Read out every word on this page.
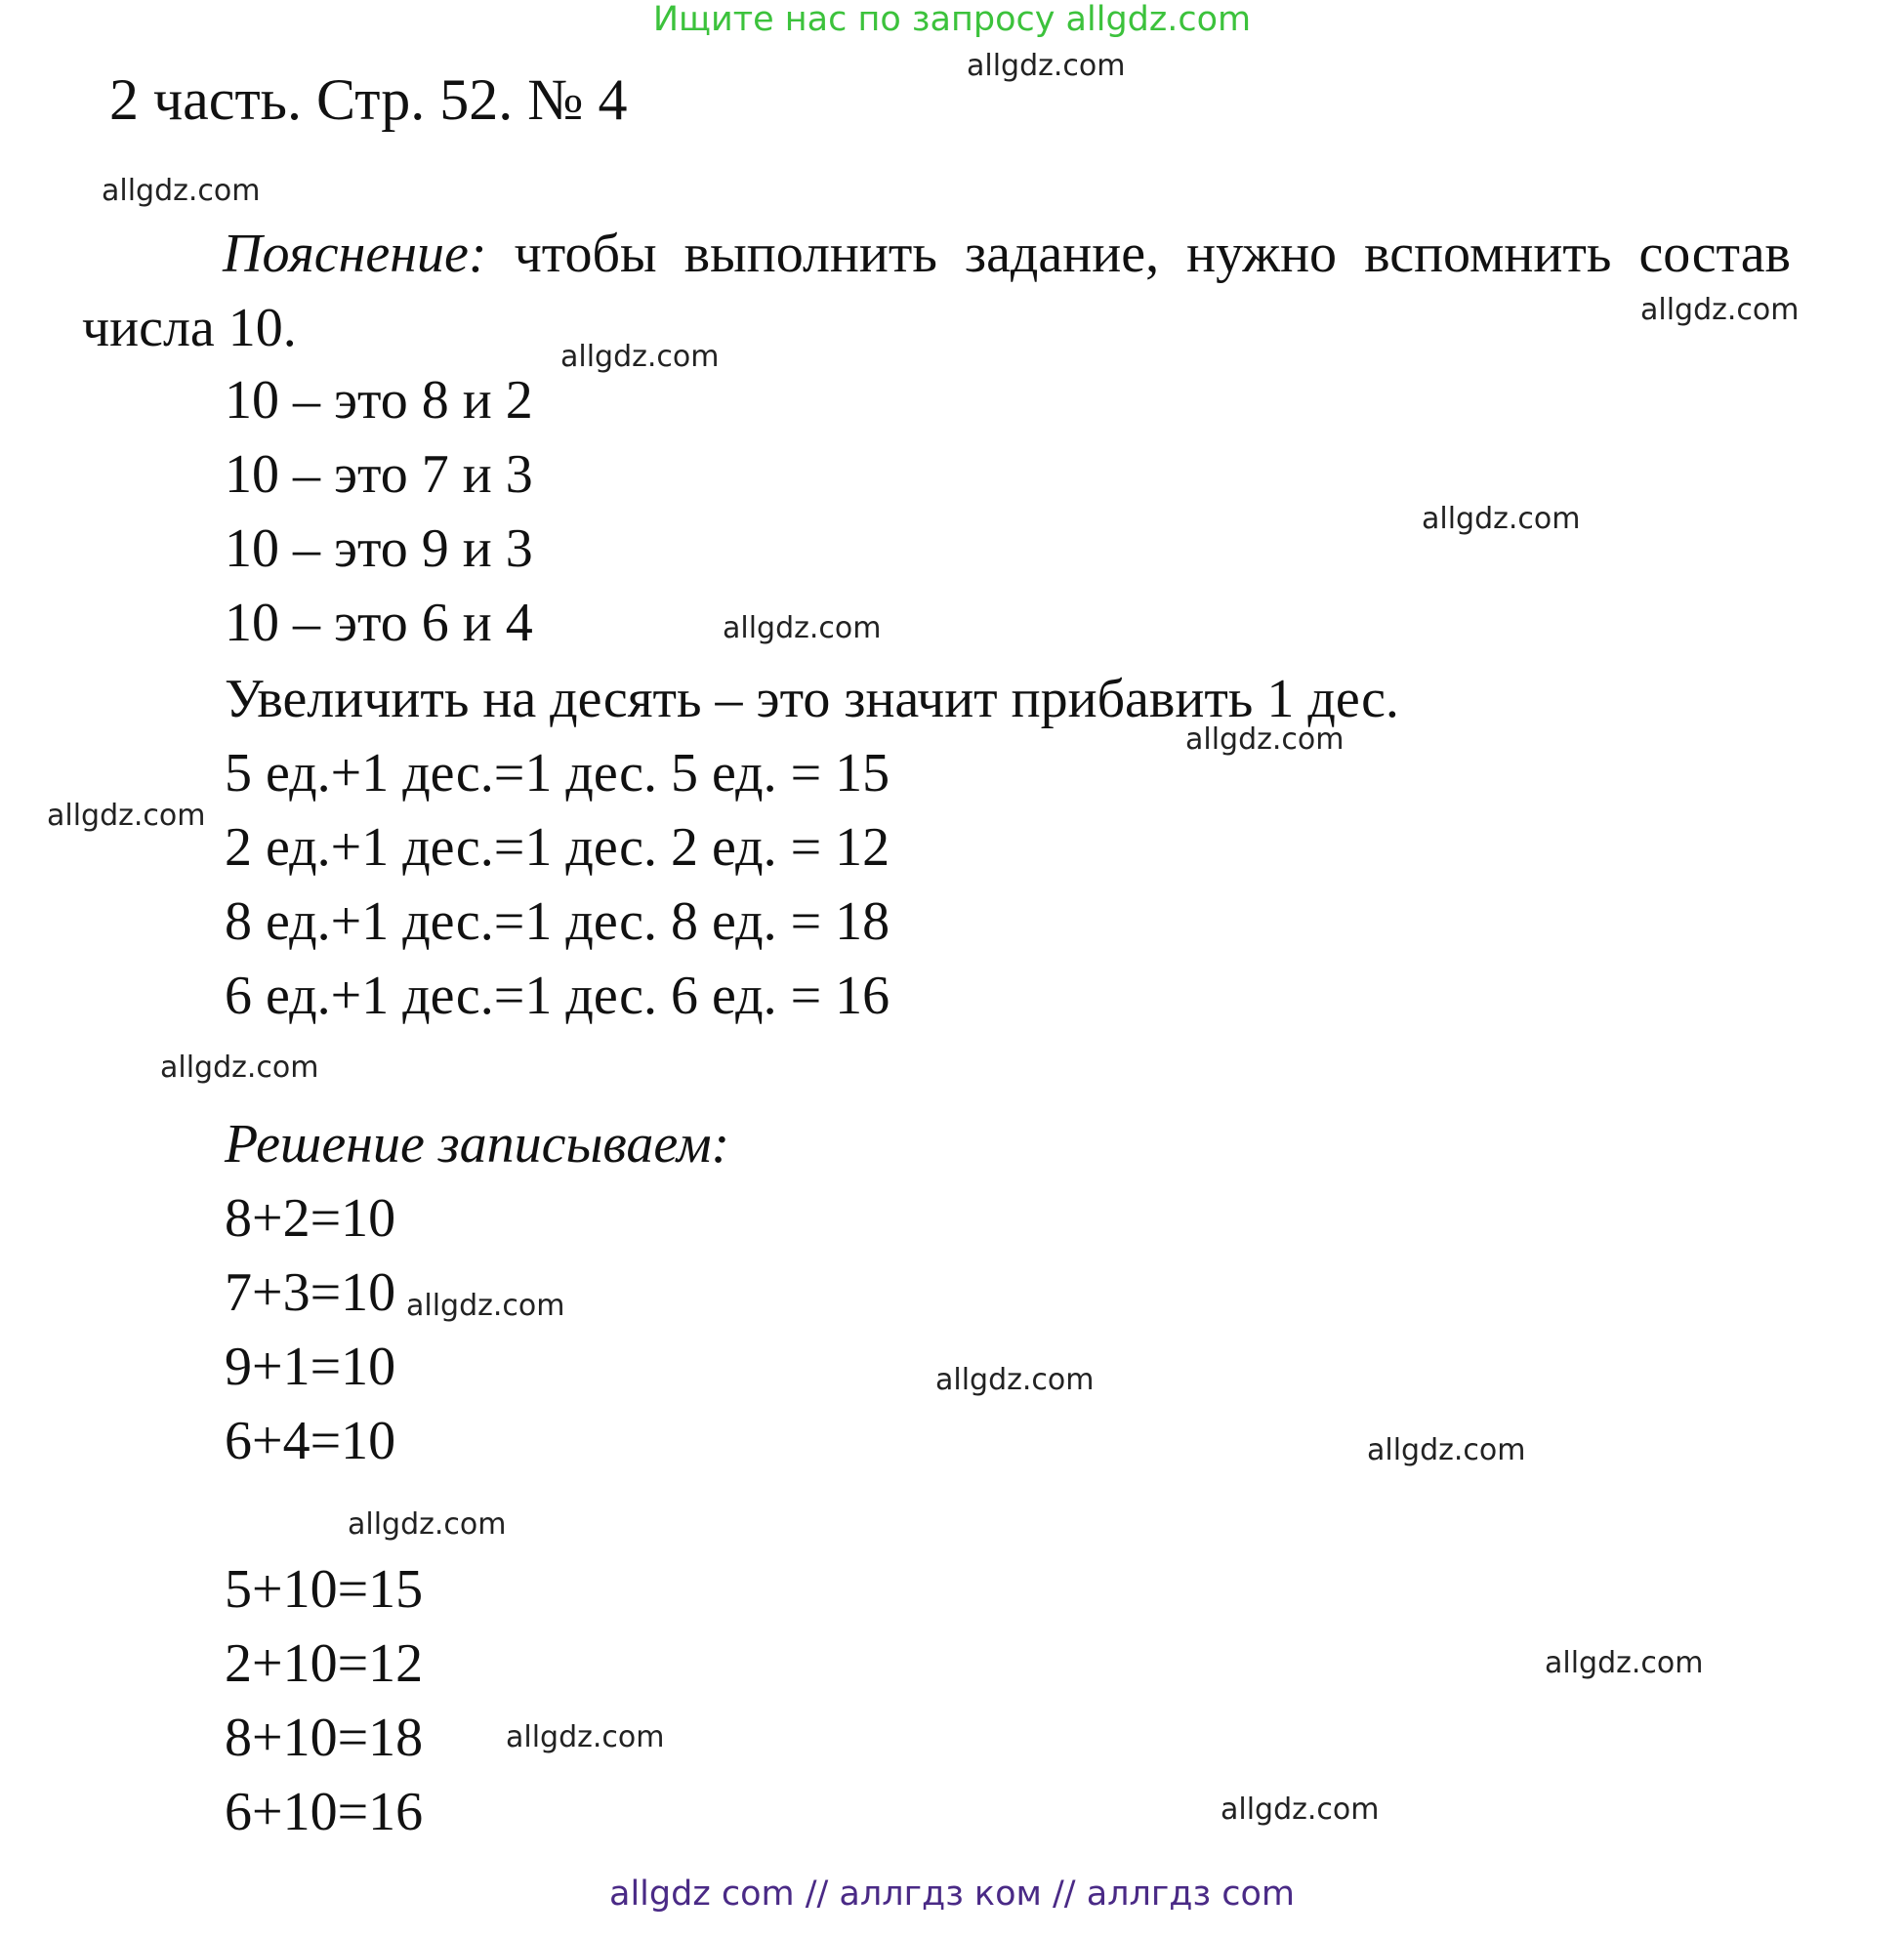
Ищите нас по запросу allgdz.com
2 часть. Стр. 52. № 4
Пояснение: чтобы выполнить задание, нужно вспомнить состав числа 10.
10 – это 8 и 2
10 – это 7 и 3
10 – это 9 и 3
10 – это 6 и 4
Увеличить на десять – это значит прибавить 1 дес.
5 ед.+1 дес.=1 дес. 5 ед. = 15
2 ед.+1 дес.=1 дес. 2 ед. = 12
8 ед.+1 дес.=1 дес. 8 ед. = 18
6 ед.+1 дес.=1 дес. 6 ед. = 16
Решение записываем:
8+2=10
7+3=10
9+1=10
6+4=10
5+10=15
2+10=12
8+10=18
6+10=16
allgdz.com
allgdz.com
allgdz.com
allgdz.com
allgdz.com
allgdz.com
allgdz.com
allgdz.com
allgdz.com
allgdz.com
allgdz.com
allgdz.com
allgdz.com
allgdz.com
allgdz.com
allgdz.com
allgdz com // аллгдз ком // аллгдз com
